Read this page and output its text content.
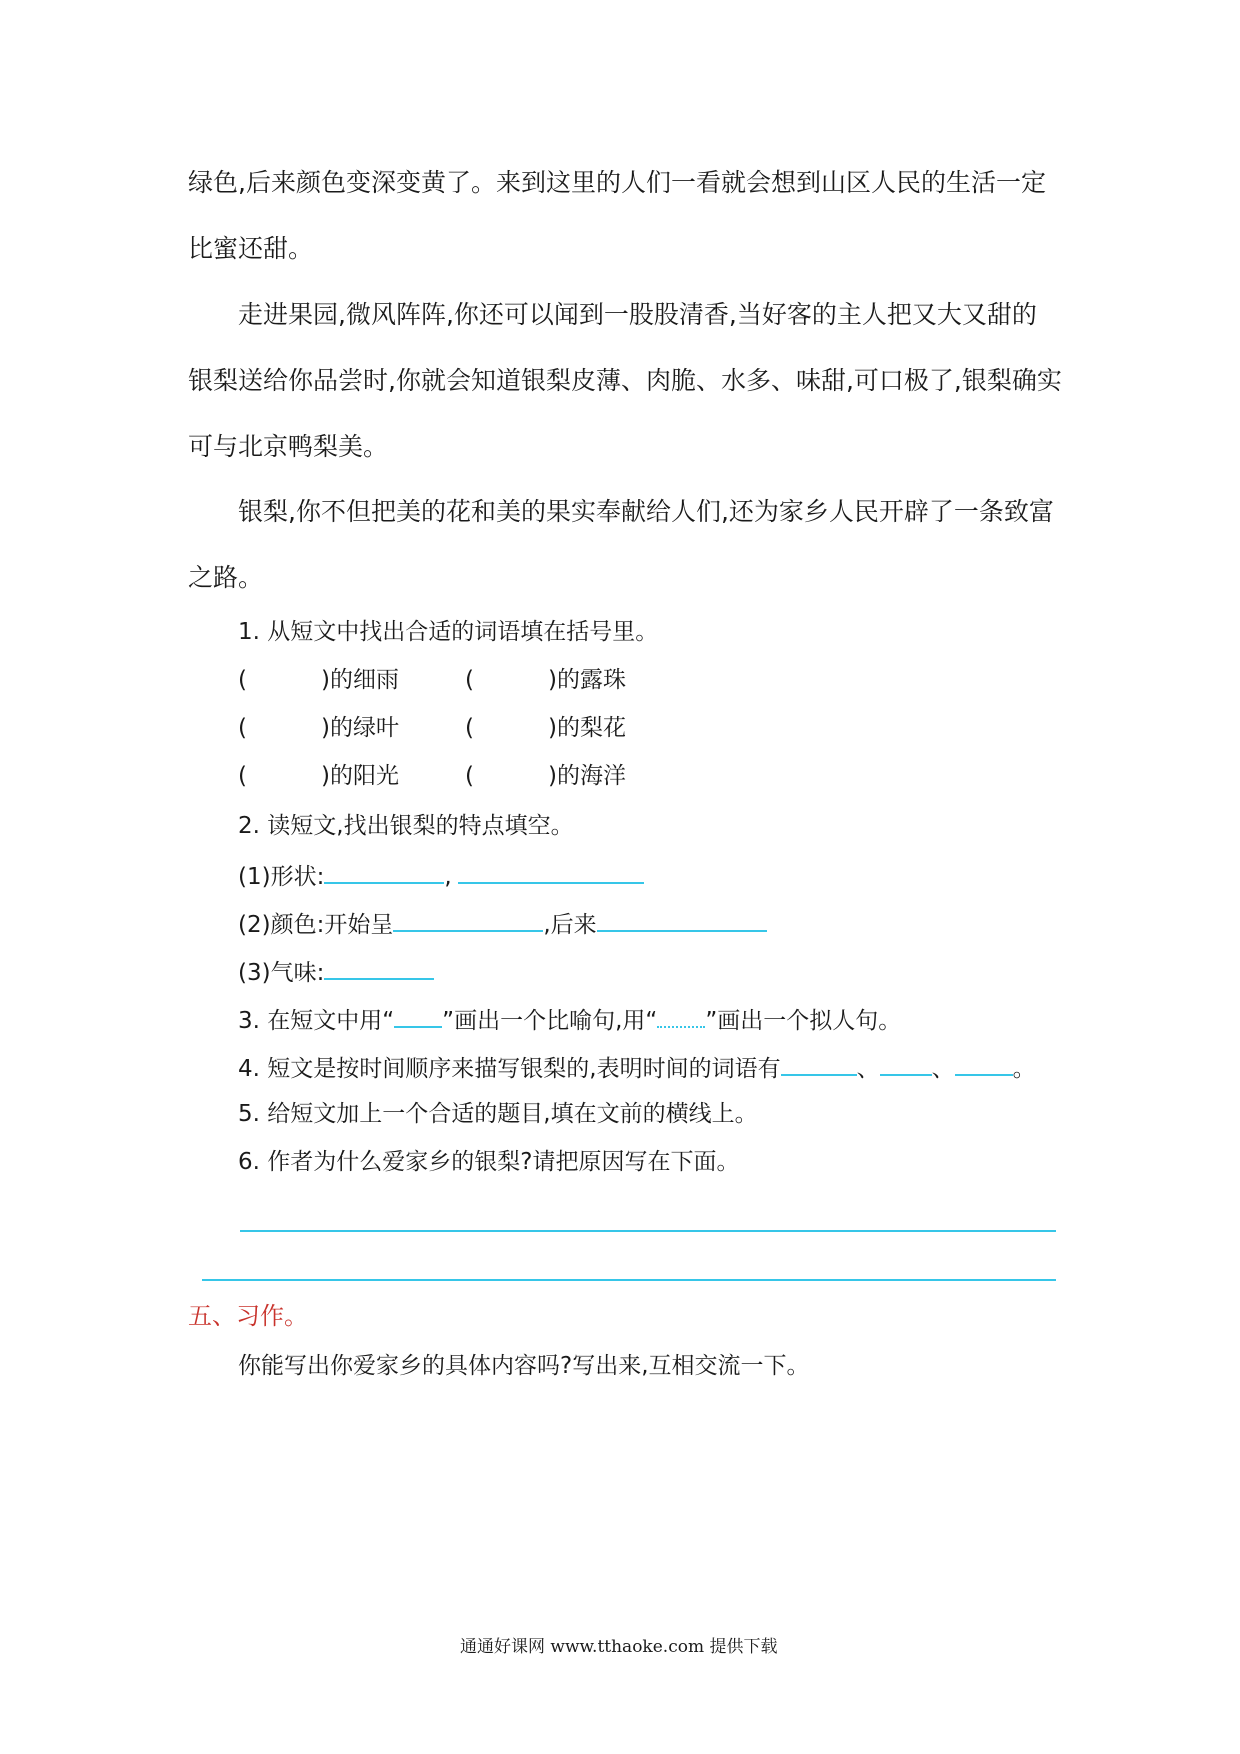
绿色,后来颜色变深变黄了。来到这里的人们一看就会想到山区人民的生活一定

比蜜还甜。

走进果园,微风阵阵,你还可以闻到一股股清香,当好客的主人把又大又甜的

银梨送给你品尝时,你就会知道银梨皮薄、肉脆、水多、味甜,可口极了,银梨确实

可与北京鸭梨美。

银梨,你不但把美的花和美的果实奉献给人们,还为家乡人民开辟了一条致富

之路。

1. 从短文中找出合适的词语填在括号里。

(	)的细雨	(	)的露珠
(	)的绿叶	(	)的梨花
(	)的阳光	(	)的海洋

2. 读短文,找出银梨的特点填空。

(1)形状:	,
(2)颜色:开始呈	,后来
(3)气味:
3. 在短文中用“ ”画出一个比喻句,用“ ”画出一个拟人句。
4. 短文是按时间顺序来描写银梨的,表明时间的词语有	、 、	。

5. 给短文加上一个合适的题目,填在文前的横线上。

6. 作者为什么爱家乡的银梨?请把原因写在下面。

五、习作。

你能写出你爱家乡的具体内容吗?写出来,互相交流一下。

通通好课网 www.tthaoke.com 提供下载
